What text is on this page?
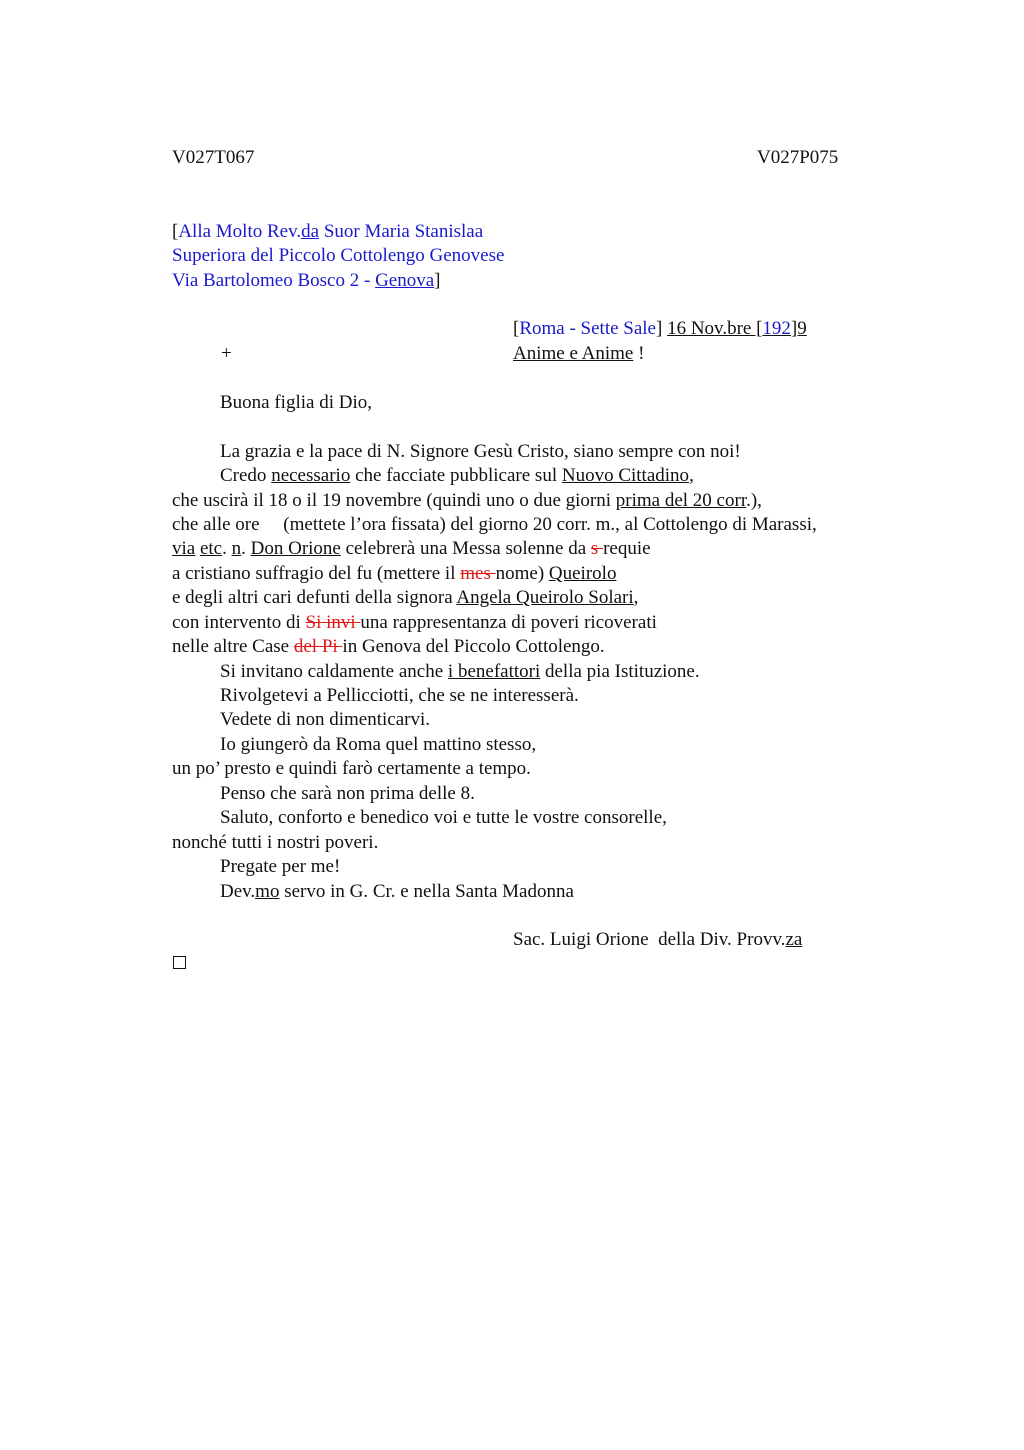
V027T067	V027P075
[Alla Molto Rev.da Suor Maria Stanislaa
Superiora del Piccolo Cottolengo Genovese
Via Bartolomeo Bosco 2 - Genova]
[Roma - Sette Sale] 16 Nov.bre [192]9
+	Anime e Anime !
Buona figlia di Dio,
La grazia e la pace di N. Signore Gesù Cristo, siano sempre con noi!
Credo necessario che facciate pubblicare sul Nuovo Cittadino,
che uscirà il 18 o il 19 novembre (quindi uno o due giorni prima del 20 corr.),
che alle ore     (mettete l’ora fissata) del giorno 20 corr. m., al Cottolengo di Marassi,
via etc. n. Don Orione celebrerà una Messa solenne da s requie
a cristiano suffragio del fu (mettere il mes nome) Queirolo
e degli altri cari defunti della signora Angela Queirolo Solari,
con intervento di Si invi una rappresentanza di poveri ricoverati
nelle altre Case del Pi in Genova del Piccolo Cottolengo.
Si invitano caldamente anche i benefattori della pia Istituzione.
Rivolgetevi a Pellicciotti, che se ne interesserà.
Vedete di non dimenticarvi.
Io giungerò da Roma quel mattino stesso,
un po’ presto e quindi farò certamente a tempo.
Penso che sarà non prima delle 8.
Saluto, conforto e benedico voi e tutte le vostre consorelle,
nonché tutti i nostri poveri.
Pregate per me!
Dev.mo servo in G. Cr. e nella Santa Madonna
Sac. Luigi Orione  della Div. Provv.za
